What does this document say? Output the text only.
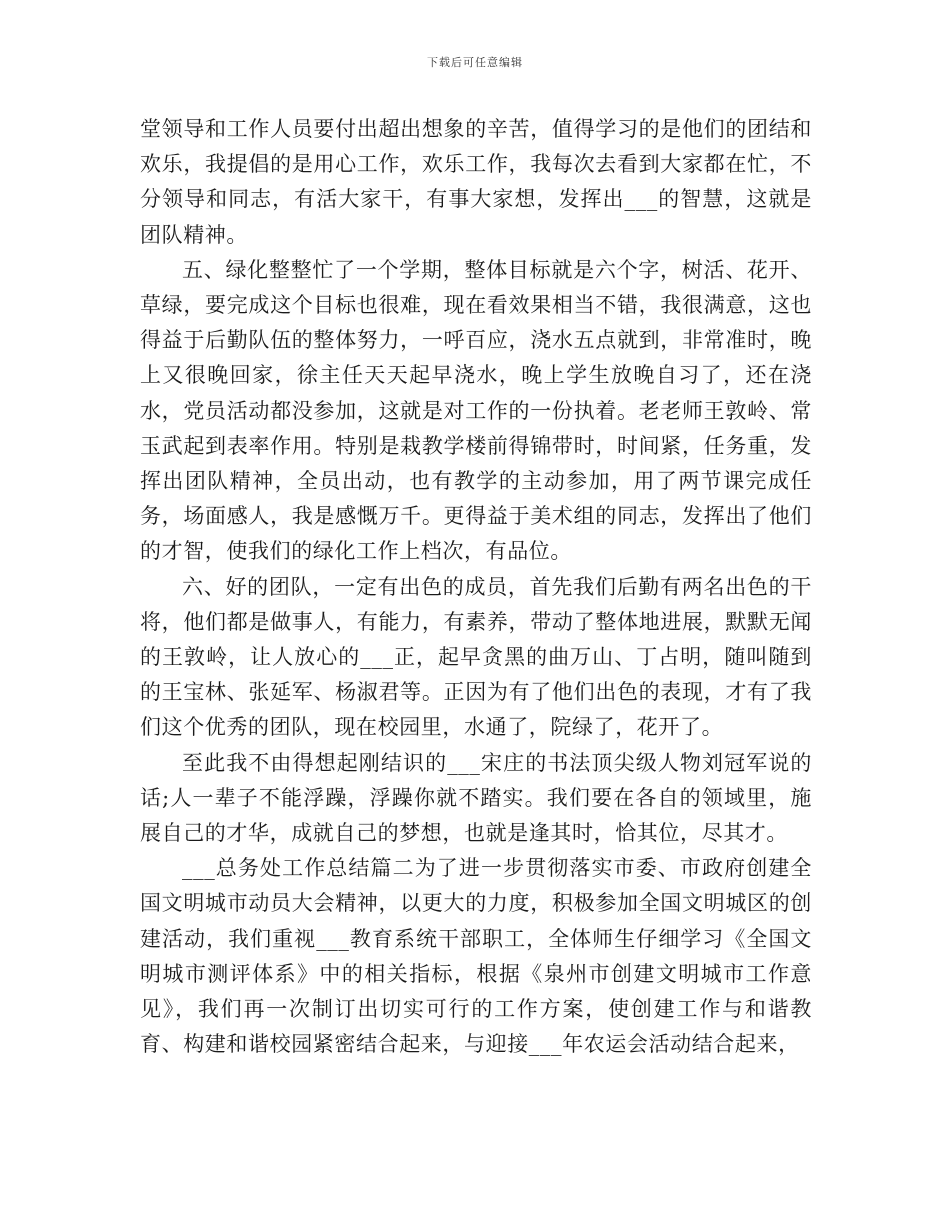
下载后可任意编辑

堂领导和工作人员要付出超出想象的辛苦，值得学习的是他们的团结和欢乐，我提倡的是用心工作，欢乐工作，我每次去看到大家都在忙，不分领导和同志，有活大家干，有事大家想，发挥出___的智慧，这就是团队精神。

五、绿化整整忙了一个学期，整体目标就是六个字，树活、花开、草绿，要完成这个目标也很难，现在看效果相当不错，我很满意，这也得益于后勤队伍的整体努力，一呼百应，浇水五点就到，非常准时，晚上又很晚回家，徐主任天天起早浇水，晚上学生放晚自习了，还在浇水，党员活动都没参加，这就是对工作的一份执着。老老师王敦岭、常玉武起到表率作用。特别是栽教学楼前得锦带时，时间紧，任务重，发挥出团队精神，全员出动，也有教学的主动参加，用了两节课完成任务，场面感人，我是感慨万千。更得益于美术组的同志，发挥出了他们的才智，使我们的绿化工作上档次，有品位。

六、好的团队，一定有出色的成员，首先我们后勤有两名出色的干将，他们都是做事人，有能力，有素养，带动了整体地进展，默默无闻的王敦岭，让人放心的___正，起早贪黑的曲万山、丁占明，随叫随到的王宝林、张延军、杨淑君等。正因为有了他们出色的表现，才有了我们这个优秀的团队，现在校园里，水通了，院绿了，花开了。

至此我不由得想起刚结识的___宋庄的书法顶尖级人物刘冠军说的话;人一辈子不能浮躁，浮躁你就不踏实。我们要在各自的领域里，施展自己的才华，成就自己的梦想，也就是逢其时，恰其位，尽其才。

___总务处工作总结篇二为了进一步贯彻落实市委、市政府创建全国文明城市动员大会精神，以更大的力度，积极参加全国文明城区的创建活动，我们重视___教育系统干部职工，全体师生仔细学习《全国文明城市测评体系》中的相关指标，根据《泉州市创建文明城市工作意见》，我们再一次制订出切实可行的工作方案，使创建工作与和谐教育、构建和谐校园紧密结合起来，与迎接___年农运会活动结合起来，
